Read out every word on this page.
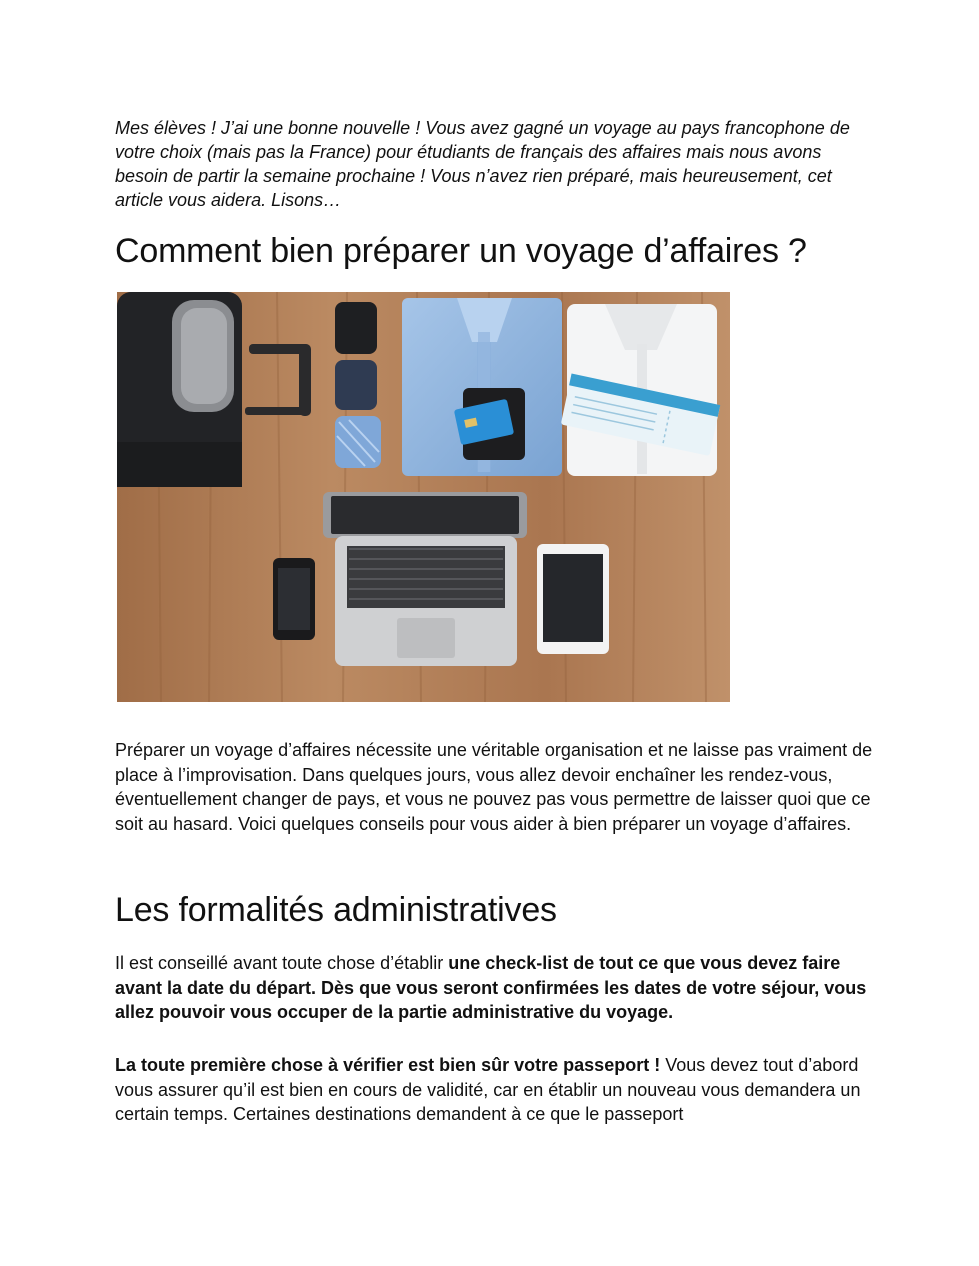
Mes élèves ! J’ai une bonne nouvelle ! Vous avez gagné un voyage au pays francophone de votre choix (mais pas la France) pour étudiants de français des affaires mais nous avons besoin de partir la semaine prochaine ! Vous n’avez rien préparé, mais heureusement, cet article vous aidera. Lisons…

Comment bien préparer un voyage d’affaires ?

Préparer un voyage d’affaires nécessite une véritable organisation et ne laisse pas vraiment de place à l’improvisation. Dans quelques jours, vous allez devoir enchaîner les rendez-vous, éventuellement changer de pays, et vous ne pouvez pas vous permettre de laisser quoi que ce soit au hasard. Voici quelques conseils pour vous aider à bien préparer un voyage d’affaires.

Les formalités administratives

Il est conseillé avant toute chose d’établir une check-list de tout ce que vous devez faire avant la date du départ. Dès que vous seront confirmées les dates de votre séjour, vous allez pouvoir vous occuper de la partie administrative du voyage.

La toute première chose à vérifier est bien sûr votre passeport ! Vous devez tout d’abord vous assurer qu’il est bien en cours de validité, car en établir un nouveau vous demandera un certain temps. Certaines destinations demandent à ce que le passeport
